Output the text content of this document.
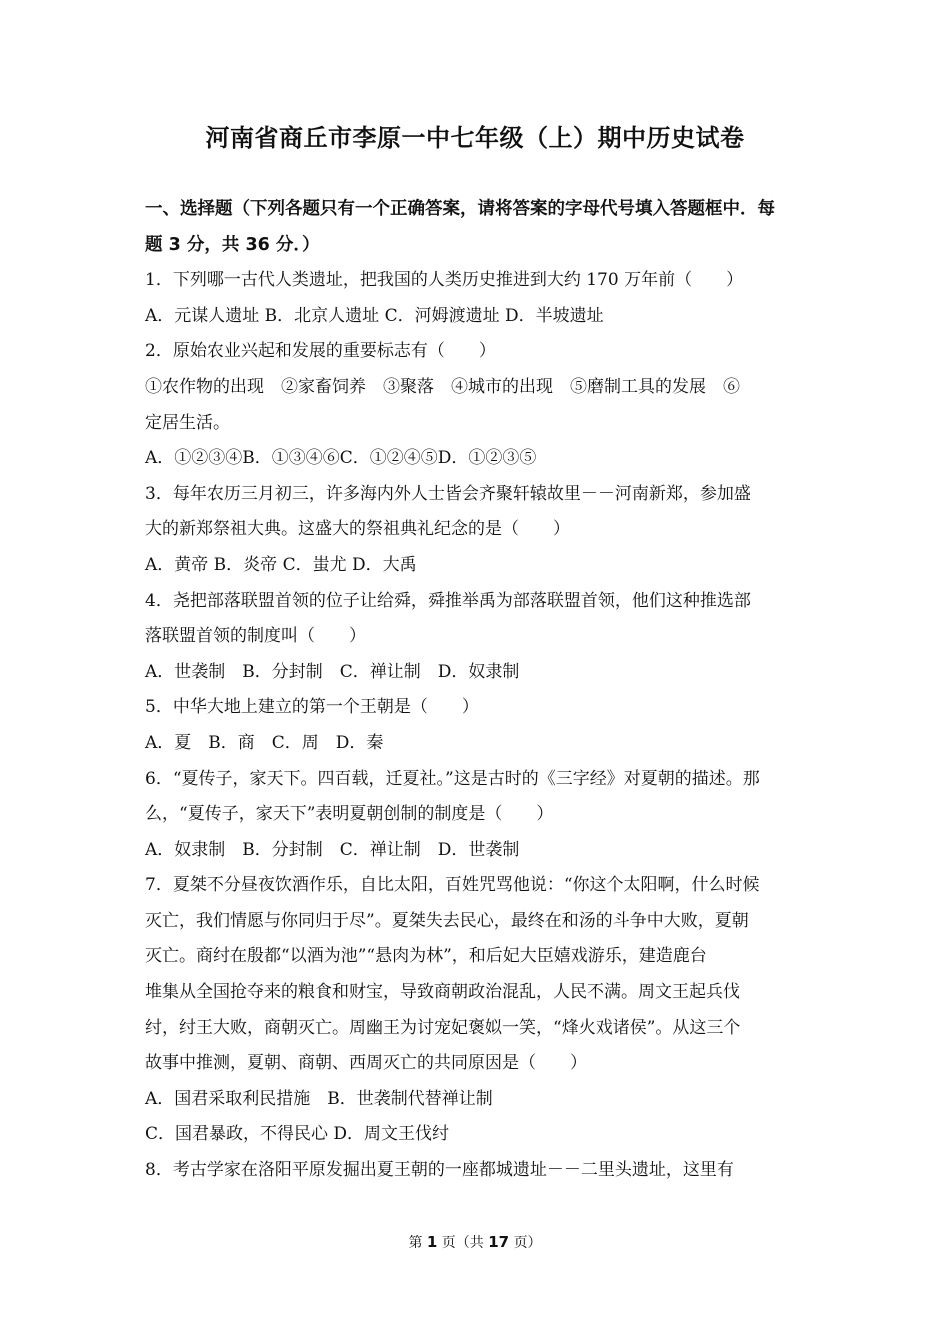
河南省商丘市李原一中七年级（上）期中历史试卷
一、选择题（下列各题只有一个正确答案，请将答案的字母代号填入答题框中．每
题 3 分，共 36 分．）
1．下列哪一古代人类遗址，把我国的人类历史推进到大约 170 万年前（　　）
A．元谋人遗址 B．北京人遗址 C．河姆渡遗址 D．半坡遗址
2．原始农业兴起和发展的重要标志有（　　）
①农作物的出现　②家畜饲养　③聚落　④城市的出现　⑤磨制工具的发展　⑥
定居生活。
A．①②③④B．①③④⑥C．①②④⑤D．①②③⑤
3．每年农历三月初三，许多海内外人士皆会齐聚轩辕故里－－河南新郑，参加盛
大的新郑祭祖大典。这盛大的祭祖典礼纪念的是（　　）
A．黄帝 B．炎帝 C．蚩尤 D．大禹
4．尧把部落联盟首领的位子让给舜，舜推举禹为部落联盟首领，他们这种推选部
落联盟首领的制度叫（　　）
A．世袭制　B．分封制　C．禅让制　D．奴隶制
5．中华大地上建立的第一个王朝是（　　）
A．夏　B．商　C．周　D．秦
6．“夏传子，家天下。四百载，迁夏社。”这是古时的《三字经》对夏朝的描述。那
么，“夏传子，家天下”表明夏朝创制的制度是（　　）
A．奴隶制　B．分封制　C．禅让制　D．世袭制
7．夏桀不分昼夜饮酒作乐，自比太阳，百姓咒骂他说：“你这个太阳啊，什么时候
灭亡，我们情愿与你同归于尽”。夏桀失去民心，最终在和汤的斗争中大败，夏朝
灭亡。商纣在殷都“以酒为池”“悬肉为林”，和后妃大臣嬉戏游乐，建造鹿台
堆集从全国抢夺来的粮食和财宝，导致商朝政治混乱，人民不满。周文王起兵伐
纣，纣王大败，商朝灭亡。周幽王为讨宠妃褒姒一笑，“烽火戏诸侯”。从这三个
故事中推测，夏朝、商朝、西周灭亡的共同原因是（　　）
A．国君采取利民措施　B．世袭制代替禅让制
C．国君暴政，不得民心 D．周文王伐纣
8．考古学家在洛阳平原发掘出夏王朝的一座都城遗址－－二里头遗址，这里有
第 1 页（共 17 页）
